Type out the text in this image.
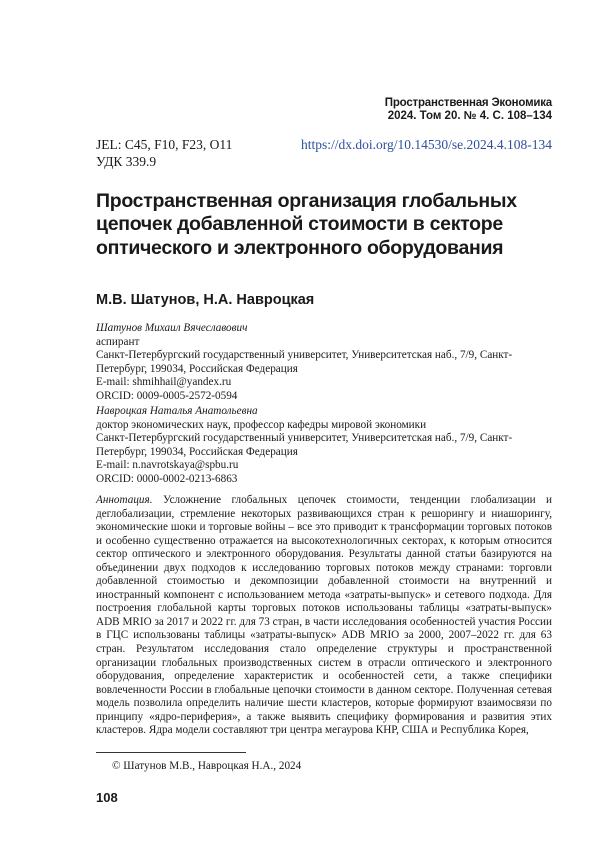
Пространственная Экономика
2024. Том 20. № 4. С. 108–134
JEL: C45, F10, F23, O11
УДК 339.9
https://dx.doi.org/10.14530/se.2024.4.108-134
Пространственная организация глобальных цепочек добавленной стоимости в секторе оптического и электронного оборудования
М.В. Шатунов, Н.А. Навроцкая
Шатунов Михаил Вячеславович
аспирант
Санкт-Петербургский государственный университет, Университетская наб., 7/9, Санкт-Петербург, 199034, Российская Федерация
E-mail: shmihhail@yandex.ru
ORCID: 0009-0005-2572-0594
Навроцкая Наталья Анатольевна
доктор экономических наук, профессор кафедры мировой экономики
Санкт-Петербургский государственный университет, Университетская наб., 7/9, Санкт-Петербург, 199034, Российская Федерация
E-mail: n.navrotskaya@spbu.ru
ORCID: 0000-0002-0213-6863
Аннотация. Усложнение глобальных цепочек стоимости, тенденции глобализации и деглобализации, стремление некоторых развивающихся стран к решорингу и ниашорингу, экономические шоки и торговые войны – все это приводит к трансформации торговых потоков и особенно существенно отражается на высокотехнологичных секторах, к которым относится сектор оптического и электронного оборудования. Результаты данной статьи базируются на объединении двух подходов к исследованию торговых потоков между странами: торговли добавленной стоимостью и декомпозиции добавленной стоимости на внутренний и иностранный компонент с использованием метода «затраты-выпуск» и сетевого подхода. Для построения глобальной карты торговых потоков использованы таблицы «затраты-выпуск» ADB MRIO за 2017 и 2022 гг. для 73 стран, в части исследования особенностей участия России в ГЦС использованы таблицы «затраты-выпуск» ADB MRIO за 2000, 2007–2022 гг. для 63 стран. Результатом исследования стало определение структуры и пространственной организации глобальных производственных систем в отрасли оптического и электронного оборудования, определение характеристик и особенностей сети, а также специфики вовлеченности России в глобальные цепочки стоимости в данном секторе. Полученная сетевая модель позволила определить наличие шести кластеров, которые формируют взаимосвязи по принципу «ядро-периферия», а также выявить специфику формирования и развития этих кластеров. Ядра модели составляют три центра мегаурова КНР, США и Республика Корея,
© Шатунов М.В., Навроцкая Н.А., 2024
108
